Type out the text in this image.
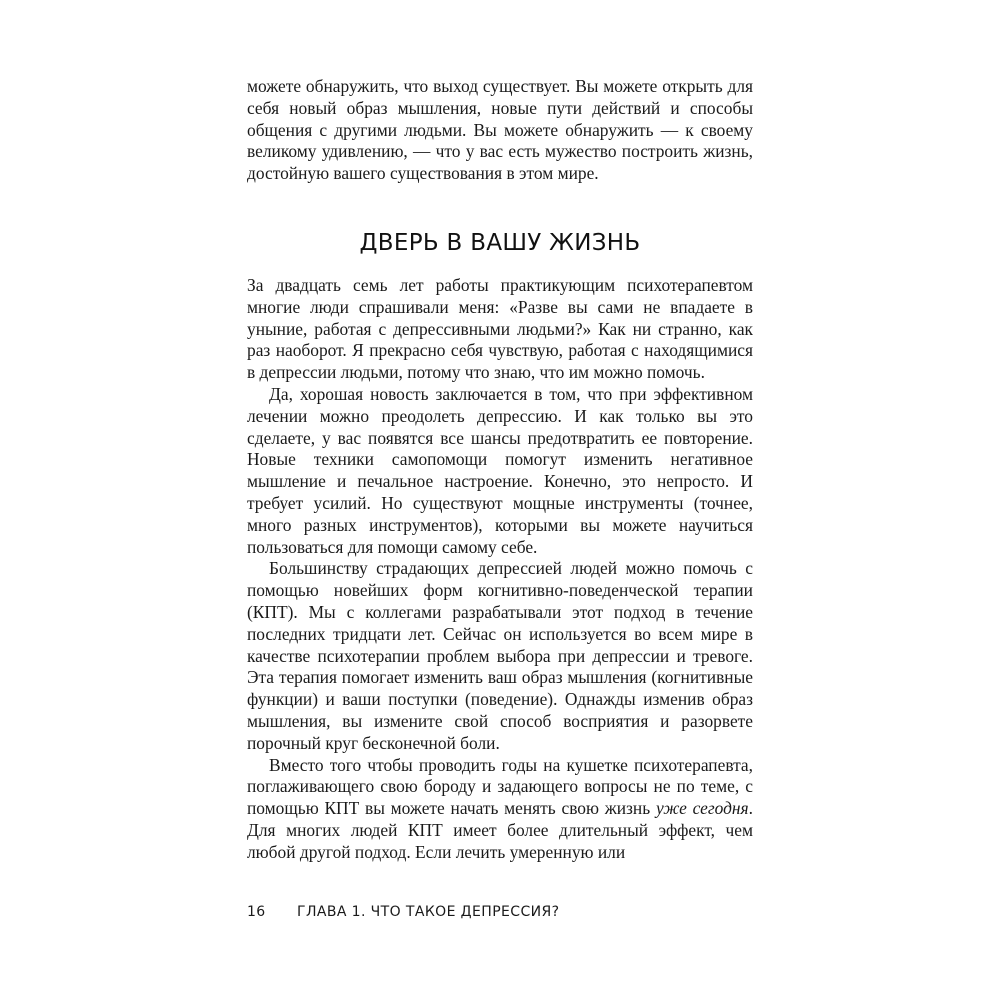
можете обнаружить, что выход существует. Вы можете открыть для себя новый образ мышления, новые пути действий и способы общения с другими людьми. Вы можете обнаружить — к своему великому удивлению, — что у вас есть мужество построить жизнь, достойную вашего существования в этом мире.

ДВЕРЬ В ВАШУ ЖИЗНЬ

За двадцать семь лет работы практикующим психотерапевтом многие люди спрашивали меня: «Разве вы сами не впадаете в уныние, работая с депрессивными людьми?» Как ни странно, как раз наоборот. Я прекрасно себя чувствую, работая с находящимися в депрессии людьми, потому что знаю, что им можно помочь.

Да, хорошая новость заключается в том, что при эффективном лечении можно преодолеть депрессию. И как только вы это сделаете, у вас появятся все шансы предотвратить ее повторение. Новые техники самопомощи помогут изменить негативное мышление и печальное настроение. Конечно, это непросто. И требует усилий. Но существуют мощные инструменты (точнее, много разных инструментов), которыми вы можете научиться пользоваться для помощи самому себе.

Большинству страдающих депрессией людей можно помочь с помощью новейших форм когнитивно-поведенческой терапии (КПТ). Мы с коллегами разрабатывали этот подход в течение последних тридцати лет. Сейчас он используется во всем мире в качестве психотерапии проблем выбора при депрессии и тревоге. Эта терапия помогает изменить ваш образ мышления (когнитивные функции) и ваши поступки (поведение). Однажды изменив образ мышления, вы измените свой способ восприятия и разорвете порочный круг бесконечной боли.

Вместо того чтобы проводить годы на кушетке психотерапевта, поглаживающего свою бороду и задающего вопросы не по теме, с помощью КПТ вы можете начать менять свою жизнь уже сегодня. Для многих людей КПТ имеет более длительный эффект, чем любой другой подход. Если лечить умеренную или

16 ГЛАВА 1. ЧТО ТАКОЕ ДЕПРЕССИЯ?
